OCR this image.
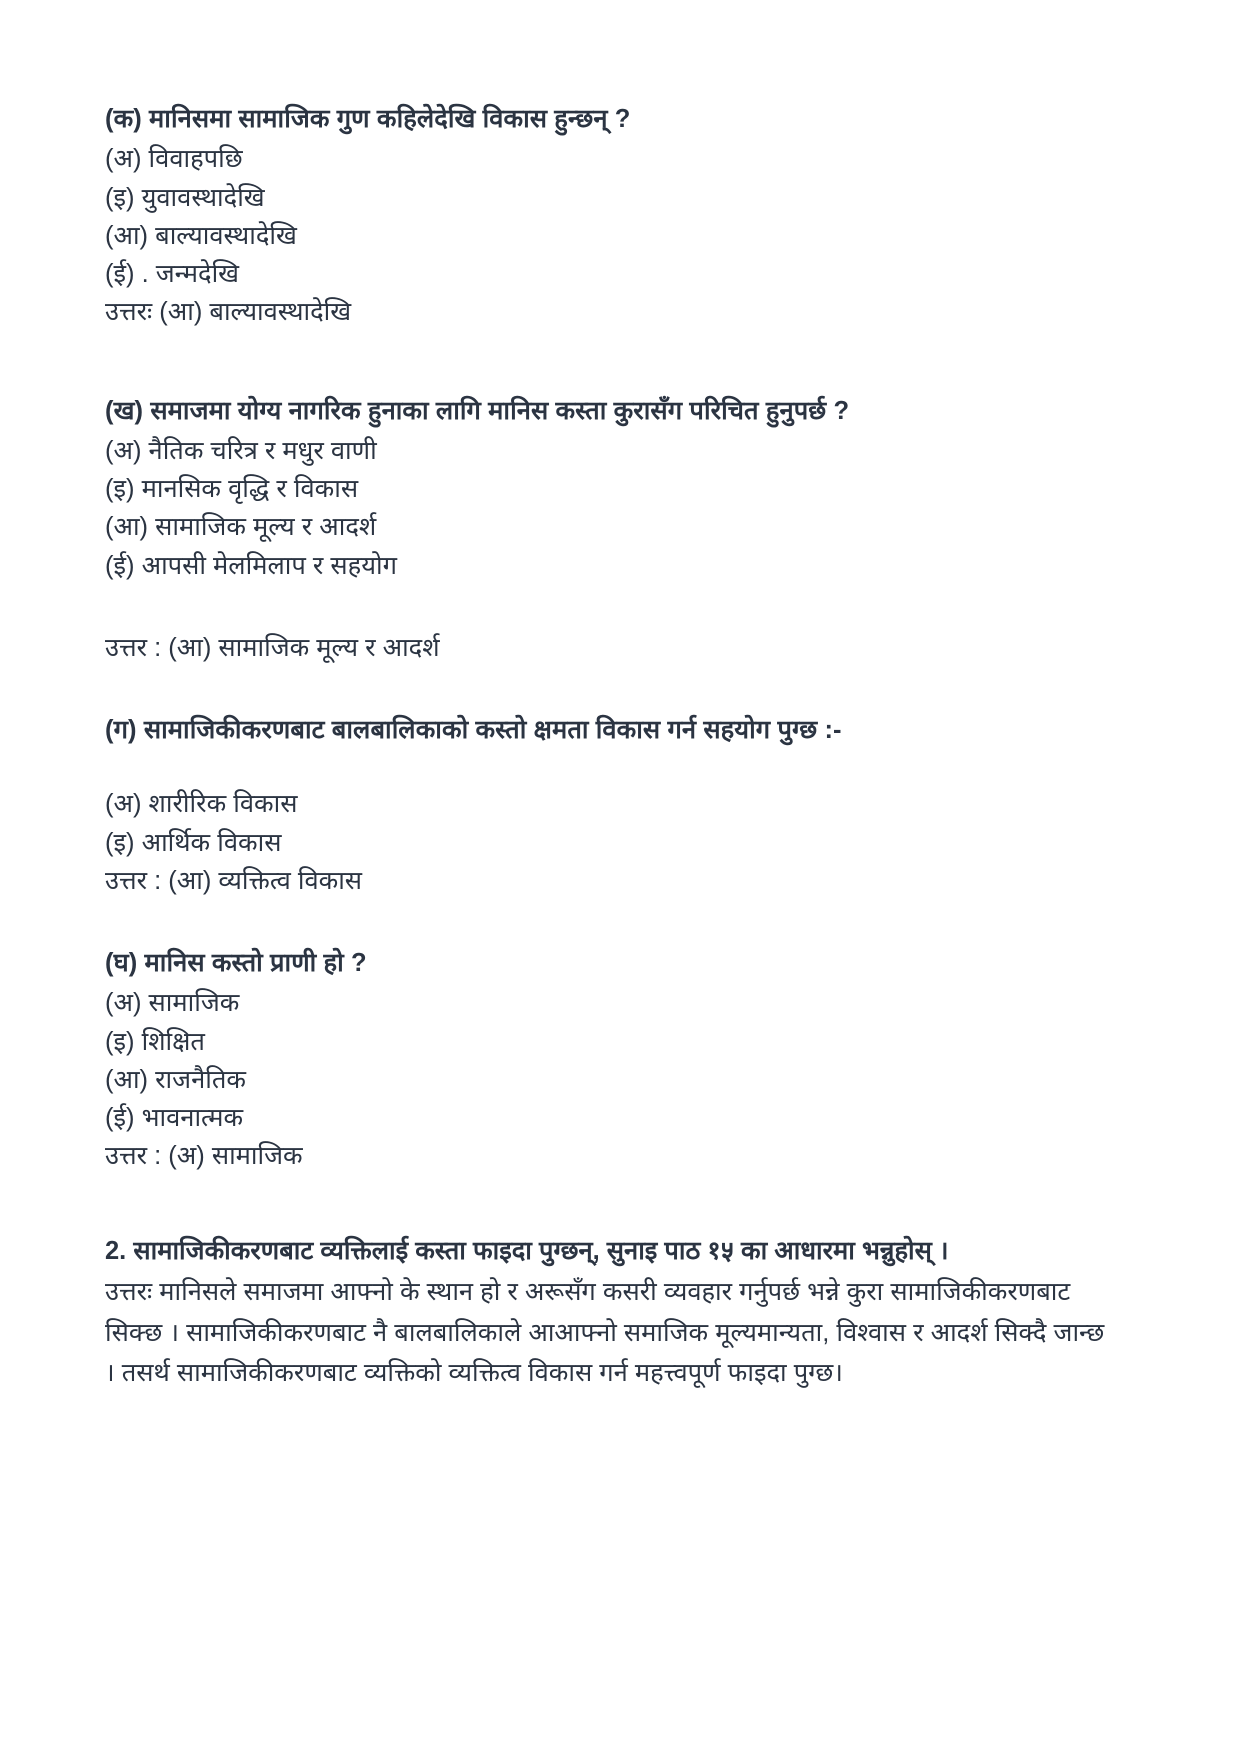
(क) मानिसमा सामाजिक गुण कहिलेदेखि विकास हुन्छन् ?

(अ) विवाहपछि

(इ) युवावस्थादेखि

(आ) बाल्यावस्थादेखि

(ई) . जन्मदेखि

उत्तरः (आ) बाल्यावस्थादेखि

(ख) समाजमा योग्य नागरिक हुनाका लागि मानिस कस्ता कुरासँग परिचित हुनुपर्छ ?

(अ) नैतिक चरित्र र मधुर वाणी

(इ) मानसिक वृद्धि र विकास

(आ) सामाजिक मूल्य र आदर्श

(ई) आपसी मेलमिलाप र सहयोग

उत्तर : (आ) सामाजिक मूल्य र आदर्श

(ग) सामाजिकीकरणबाट बालबालिकाको कस्तो क्षमता विकास गर्न सहयोग पुग्छ :-

(अ) शारीरिक विकास

(इ) आर्थिक विकास

उत्तर : (आ) व्यक्तित्व विकास

(घ) मानिस कस्तो प्राणी हो ?

(अ) सामाजिक

(इ) शिक्षित

(आ) राजनैतिक

(ई) भावनात्मक

उत्तर : (अ) सामाजिक

2. सामाजिकीकरणबाट व्यक्तिलाई कस्ता फाइदा पुग्छन्, सुनाइ पाठ १५ का आधारमा भन्नुहोस् ।

उत्तरः मानिसले समाजमा आफ्नो के स्थान हो र अरूसँग कसरी व्यवहार गर्नुपर्छ भन्ने कुरा सामाजिकीकरणबाट सिक्छ । सामाजिकीकरणबाट नै बालबालिकाले आआफ्नो समाजिक मूल्यमान्यता, विश्वास र आदर्श सिक्दै जान्छ । तसर्थ सामाजिकीकरणबाट व्यक्तिको व्यक्तित्व विकास गर्न महत्त्वपूर्ण फाइदा पुग्छ।
